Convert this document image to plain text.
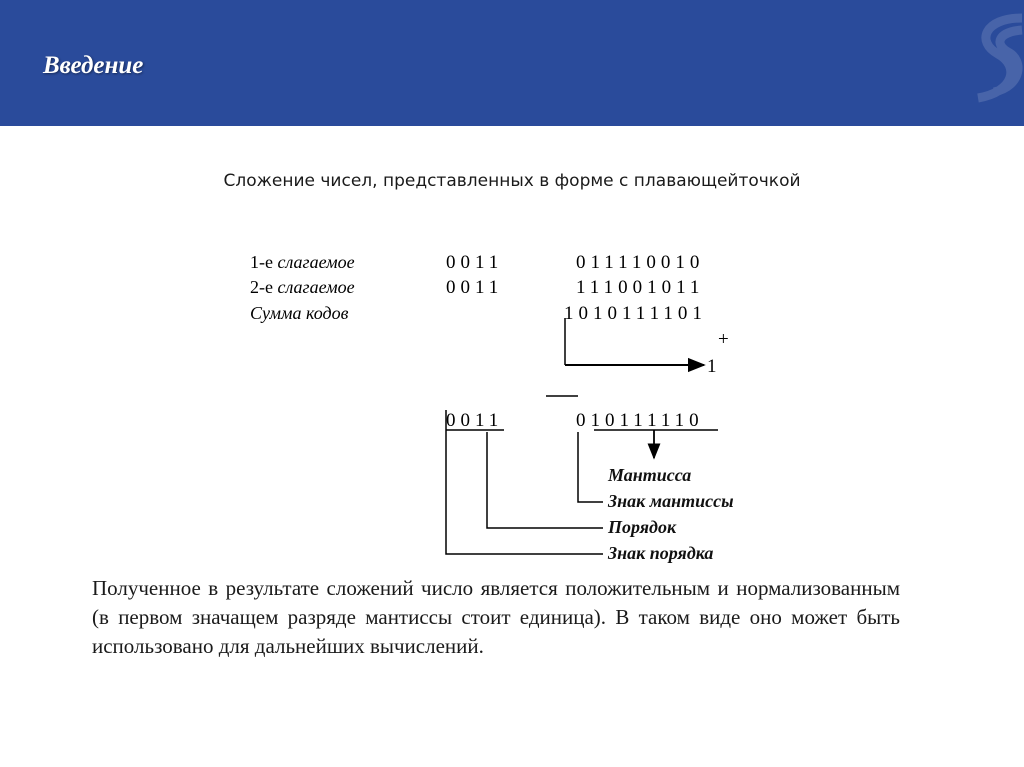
Введение
Сложение чисел, представленных в форме с плавающейточкой
1-е слагаемое
2-е слагаемое
Сумма кодов
0011
0011
011110010
111001011
1010111101
+
1
0011	010111110
Мантисса
Знак мантиссы
Порядок
Знак порядка
Полученное в результате сложений число является положительным и нормализованным (в первом значащем разряде мантиссы стоит единица). В таком виде оно может быть использовано для дальнейших вычислений.
